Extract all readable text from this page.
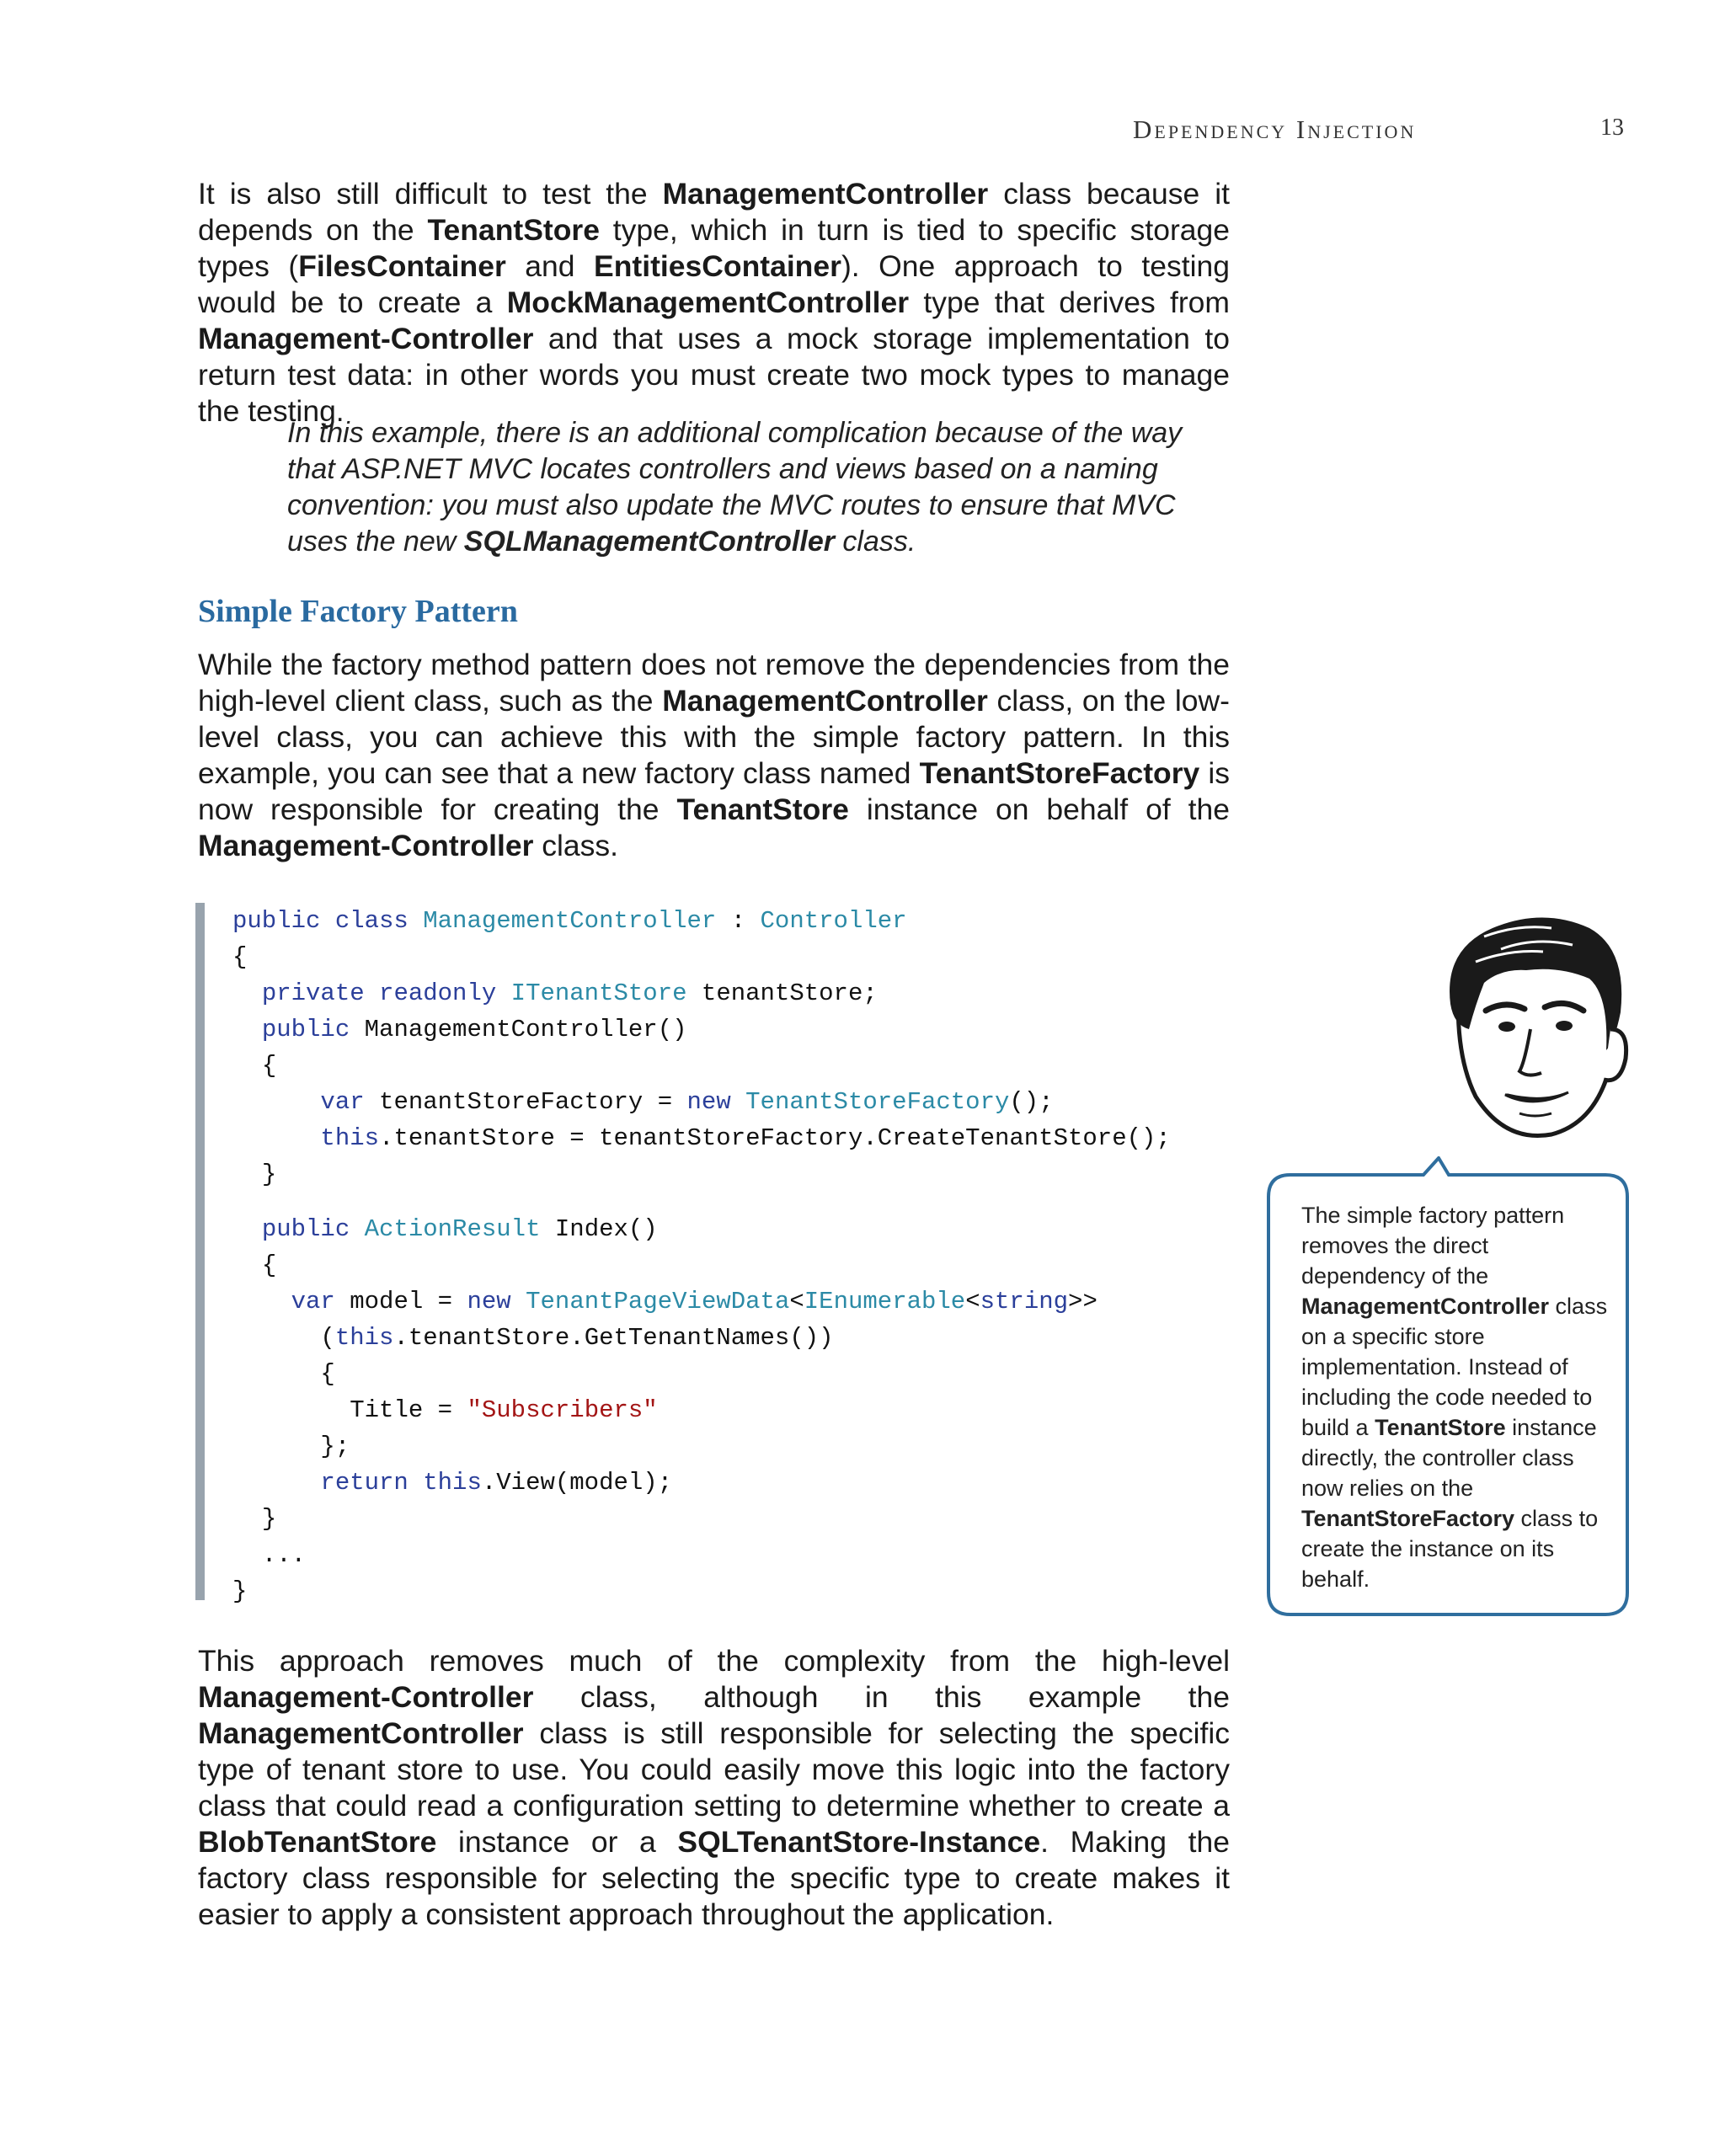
Dependency Injection	13

It is also still difficult to test the ManagementController class because it depends on the TenantStore type, which in turn is tied to specific storage types (FilesContainer and EntitiesContainer). One approach to testing would be to create a MockManagementController type that derives from Management-Controller and that uses a mock storage implementation to return test data: in other words you must create two mock types to manage the testing.

In this example, there is an additional complication because of the way that ASP.NET MVC locates controllers and views based on a naming convention: you must also update the MVC routes to ensure that MVC uses the new SQLManagementController class.

Simple Factory Pattern

While the factory method pattern does not remove the dependencies from the high-level client class, such as the ManagementController class, on the low-level class, you can achieve this with the simple factory pattern. In this example, you can see that a new factory class named TenantStoreFactory is now responsible for creating the TenantStore instance on behalf of the Management-Controller class.

public class ManagementController : Controller
{
private readonly ITenantStore tenantStore;
public ManagementController()
{
var tenantStoreFactory = new TenantStoreFactory();
this.tenantStore = tenantStoreFactory.CreateTenantStore();
}
public ActionResult Index()
{
var model = new TenantPageViewData<IEnumerable<string>>
(this.tenantStore.GetTenantNames())
{
Title = "Subscribers"
};
return this.View(model);
}
...
}

The simple factory pattern removes the direct dependency of the ManagementController class on a specific store implementation. Instead of including the code needed to build a TenantStore instance directly, the controller class now relies on the TenantStoreFactory class to create the instance on its behalf.

This approach removes much of the complexity from the high-level Management-Controller class, although in this example the ManagementController class is still responsible for selecting the specific type of tenant store to use. You could easily move this logic into the factory class that could read a configuration setting to determine whether to create a BlobTenantStore instance or a SQLTenantStore-Instance. Making the factory class responsible for selecting the specific type to create makes it easier to apply a consistent approach throughout the application.
